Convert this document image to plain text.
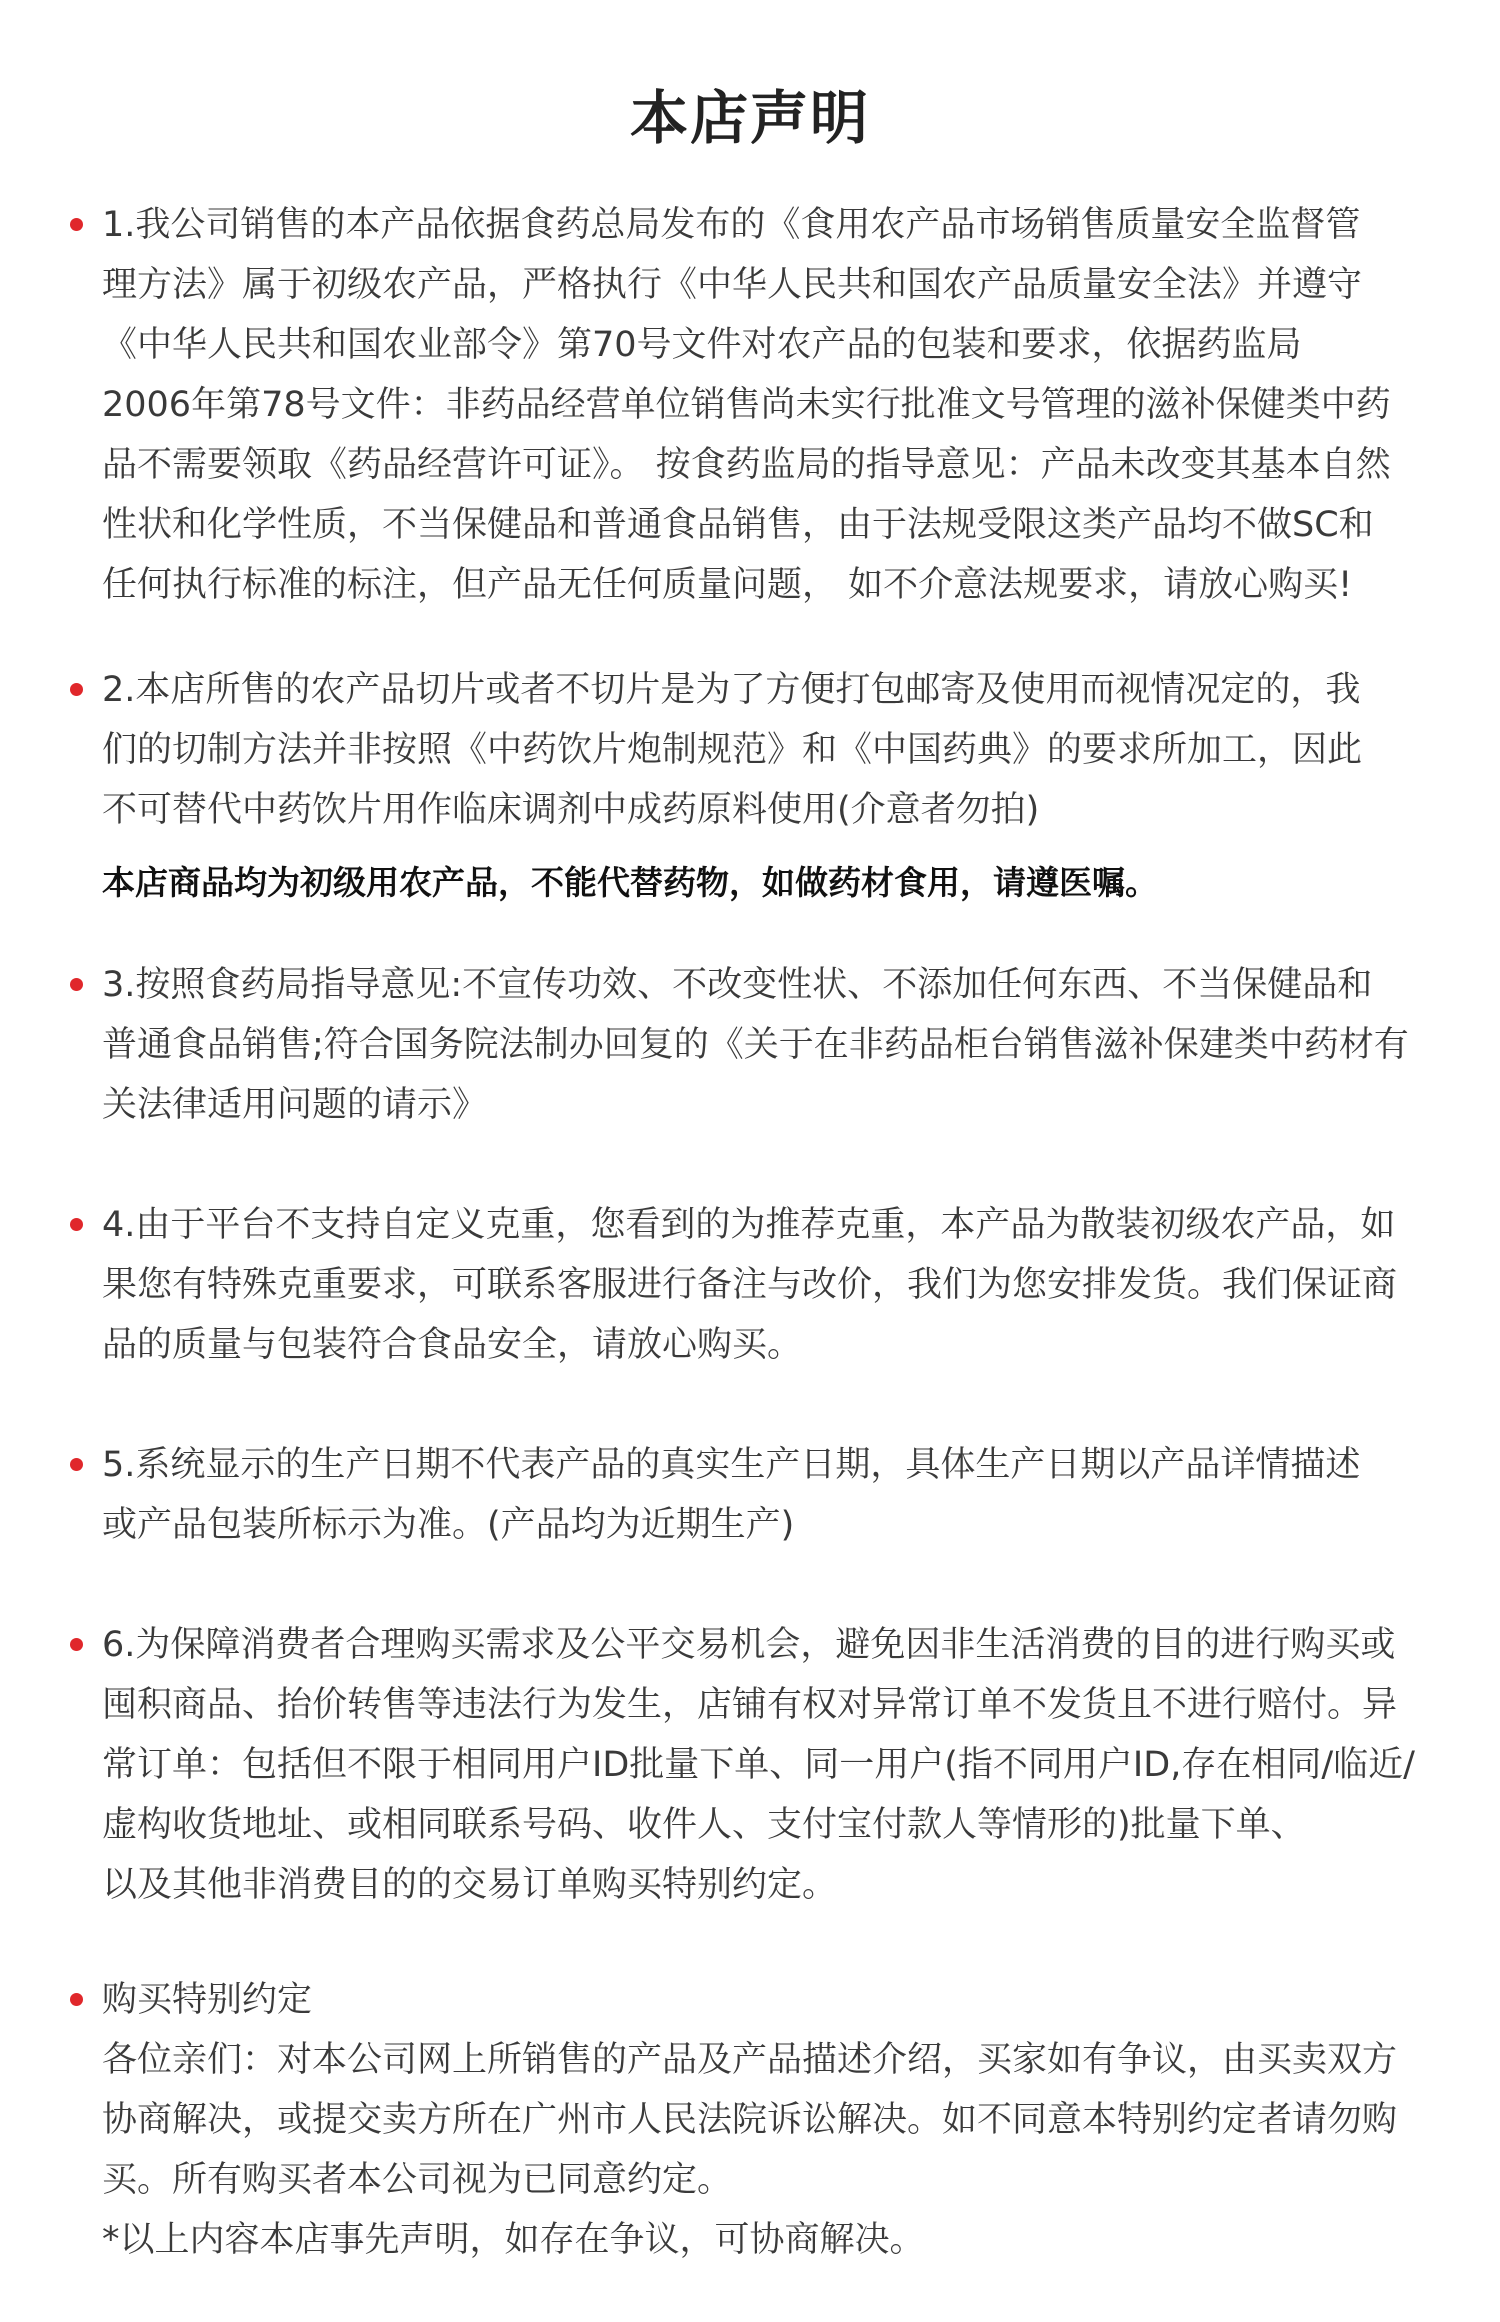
本店声明
1.我公司销售的本产品依据食药总局发布的《食用农产品市场销售质量安全监督管
理方法》属于初级农产品，严格执行《中华人民共和国农产品质量安全法》并遵守
《中华人民共和国农业部令》第70号文件对农产品的包装和要求，依据药监局
2006年第78号文件：非药品经营单位销售尚未实行批准文号管理的滋补保健类中药
品不需要领取《药品经营许可证》。 按食药监局的指导意见：产品未改变其基本自然
性状和化学性质，不当保健品和普通食品销售，由于法规受限这类产品均不做SC和
任何执行标准的标注，但产品无任何质量问题， 如不介意法规要求，请放心购买!
2.本店所售的农产品切片或者不切片是为了方便打包邮寄及使用而视情况定的，我
们的切制方法并非按照《中药饮片炮制规范》和《中国药典》的要求所加工，因此
不可替代中药饮片用作临床调剂中成药原料使用(介意者勿拍)
本店商品均为初级用农产品，不能代替药物，如做药材食用，请遵医嘱。
3.按照食药局指导意见:不宣传功效、不改变性状、不添加任何东西、不当保健品和
普通食品销售;符合国务院法制办回复的《关于在非药品柜台销售滋补保建类中药材有
关法律适用问题的请示》
4.由于平台不支持自定义克重，您看到的为推荐克重，本产品为散装初级农产品，如
果您有特殊克重要求，可联系客服进行备注与改价，我们为您安排发货。我们保证商
品的质量与包装符合食品安全，请放心购买。
5.系统显示的生产日期不代表产品的真实生产日期，具体生产日期以产品详情描述
或产品包装所标示为准。(产品均为近期生产)
6.为保障消费者合理购买需求及公平交易机会，避免因非生活消费的目的进行购买或
囤积商品、抬价转售等违法行为发生，店铺有权对异常订单不发货且不进行赔付。异
常订单：包括但不限于相同用户ID批量下单、同一用户(指不同用户ID,存在相同/临近/
虚构收货地址、或相同联系号码、收件人、支付宝付款人等情形的)批量下单、
以及其他非消费目的的交易订单购买特别约定。
购买特别约定
各位亲们：对本公司网上所销售的产品及产品描述介绍，买家如有争议，由买卖双方
协商解决，或提交卖方所在广州市人民法院诉讼解决。如不同意本特别约定者请勿购
买。所有购买者本公司视为已同意约定。
*以上内容本店事先声明，如存在争议，可协商解决。
